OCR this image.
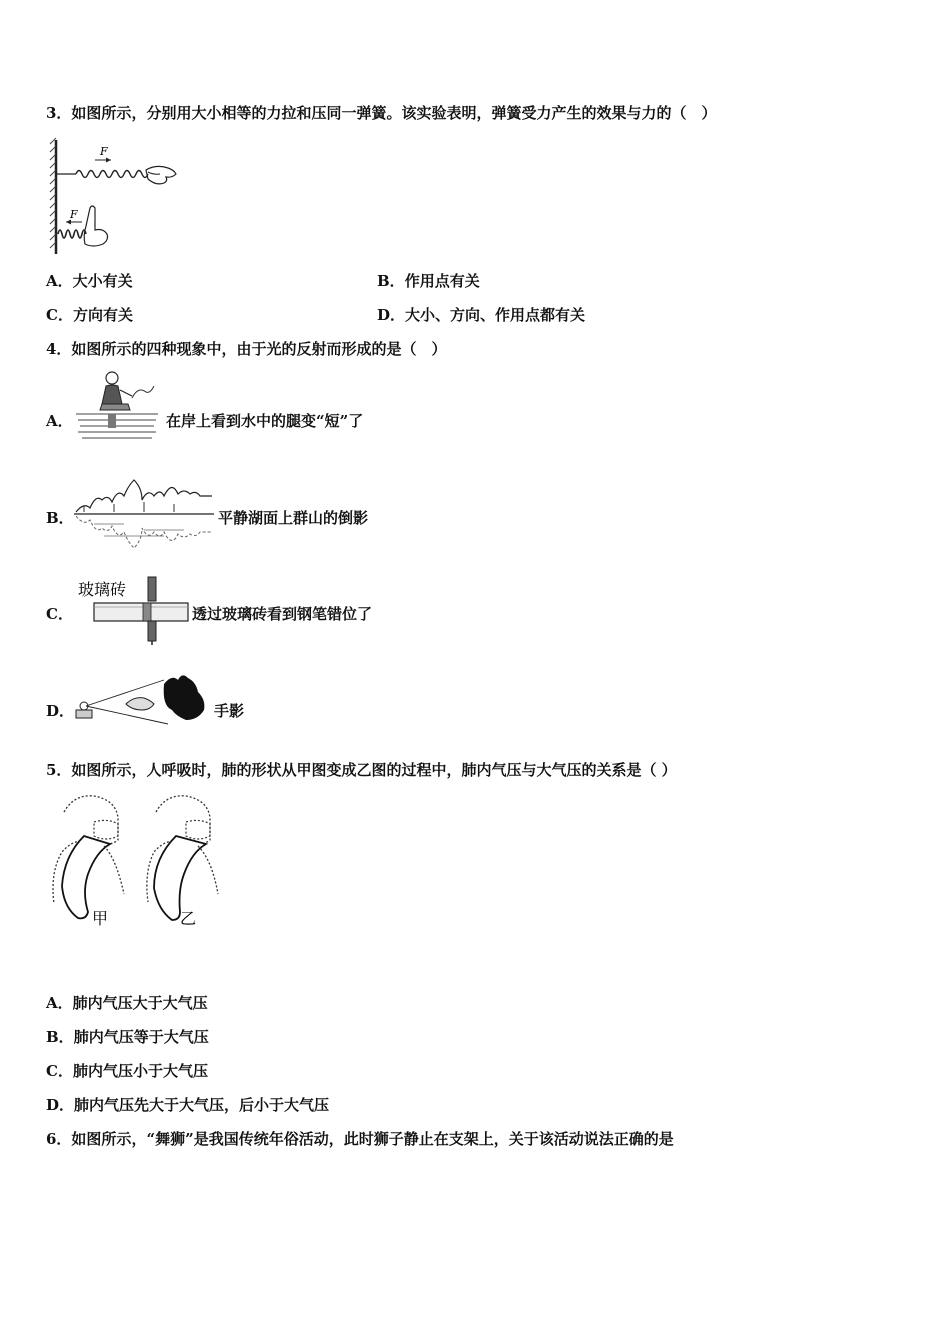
3．如图所示，分别用大小相等的力拉和压同一弹簧。该实验表明，弹簧受力产生的效果与力的（　）
F
F
A．大小有关	B．作用点有关
C．方向有关	D．大小、方向、作用点都有关
4．如图所示的四种现象中，由于光的反射而形成的是（　）
A．	在岸上看到水中的腿变“短”了
B．	平静湖面上群山的倒影
C．
玻璃砖
透过玻璃砖看到钢笔错位了
D．	手影
5．如图所示，人呼吸时，肺的形状从甲图变成乙图的过程中，肺内气压与大气压的关系是（ ）
甲	乙
A．肺内气压大于大气压
B．肺内气压等于大气压
C．肺内气压小于大气压
D．肺内气压先大于大气压，后小于大气压
6．如图所示，“舞狮”是我国传统年俗活动，此时狮子静止在支架上，关于该活动说法正确的是
